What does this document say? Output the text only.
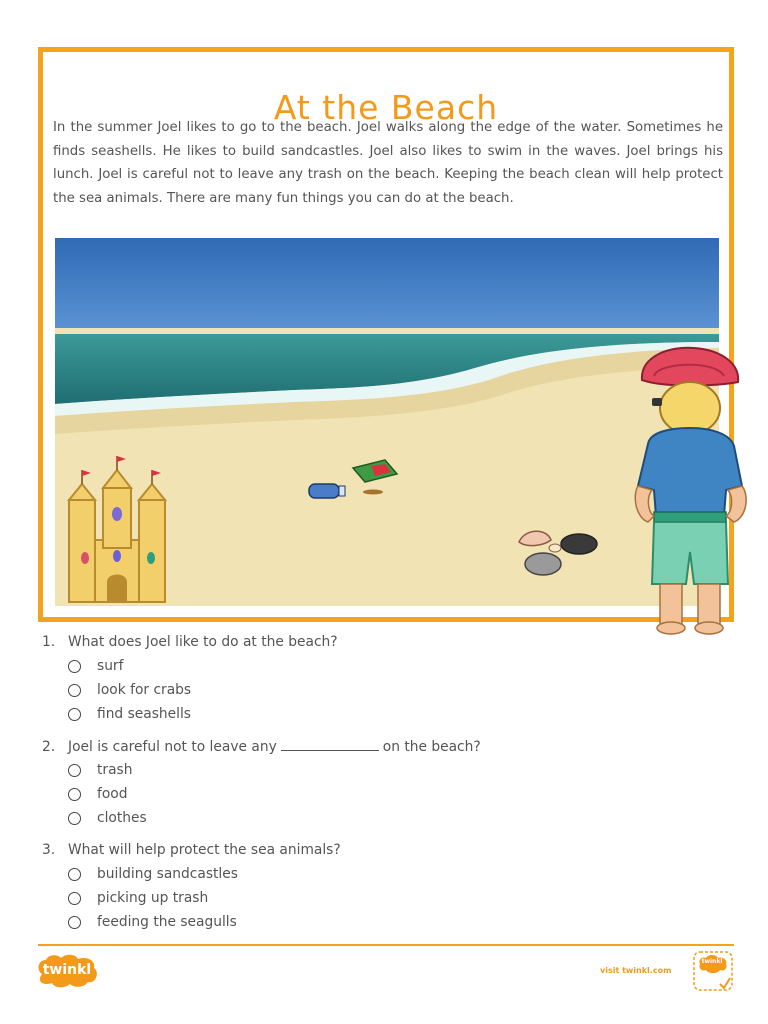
At the Beach

In the summer Joel likes to go to the beach. Joel walks along the edge of the water. Sometimes he finds seashells. He likes to build sandcastles. Joel also likes to swim in the waves. Joel brings his lunch. Joel is careful not to leave any trash on the beach. Keeping the beach clean will help protect the sea animals. There are many fun things you can do at the beach.

1. What does Joel like to do at the beach?
surf
look for crabs
find seashells
2. Joel is careful not to leave any	on the beach?
trash
food
clothes
3. What will help protect the sea animals?
building sandcastles
picking up trash
feeding the seagulls
twinkl	visit twinkl.com
twinkl
